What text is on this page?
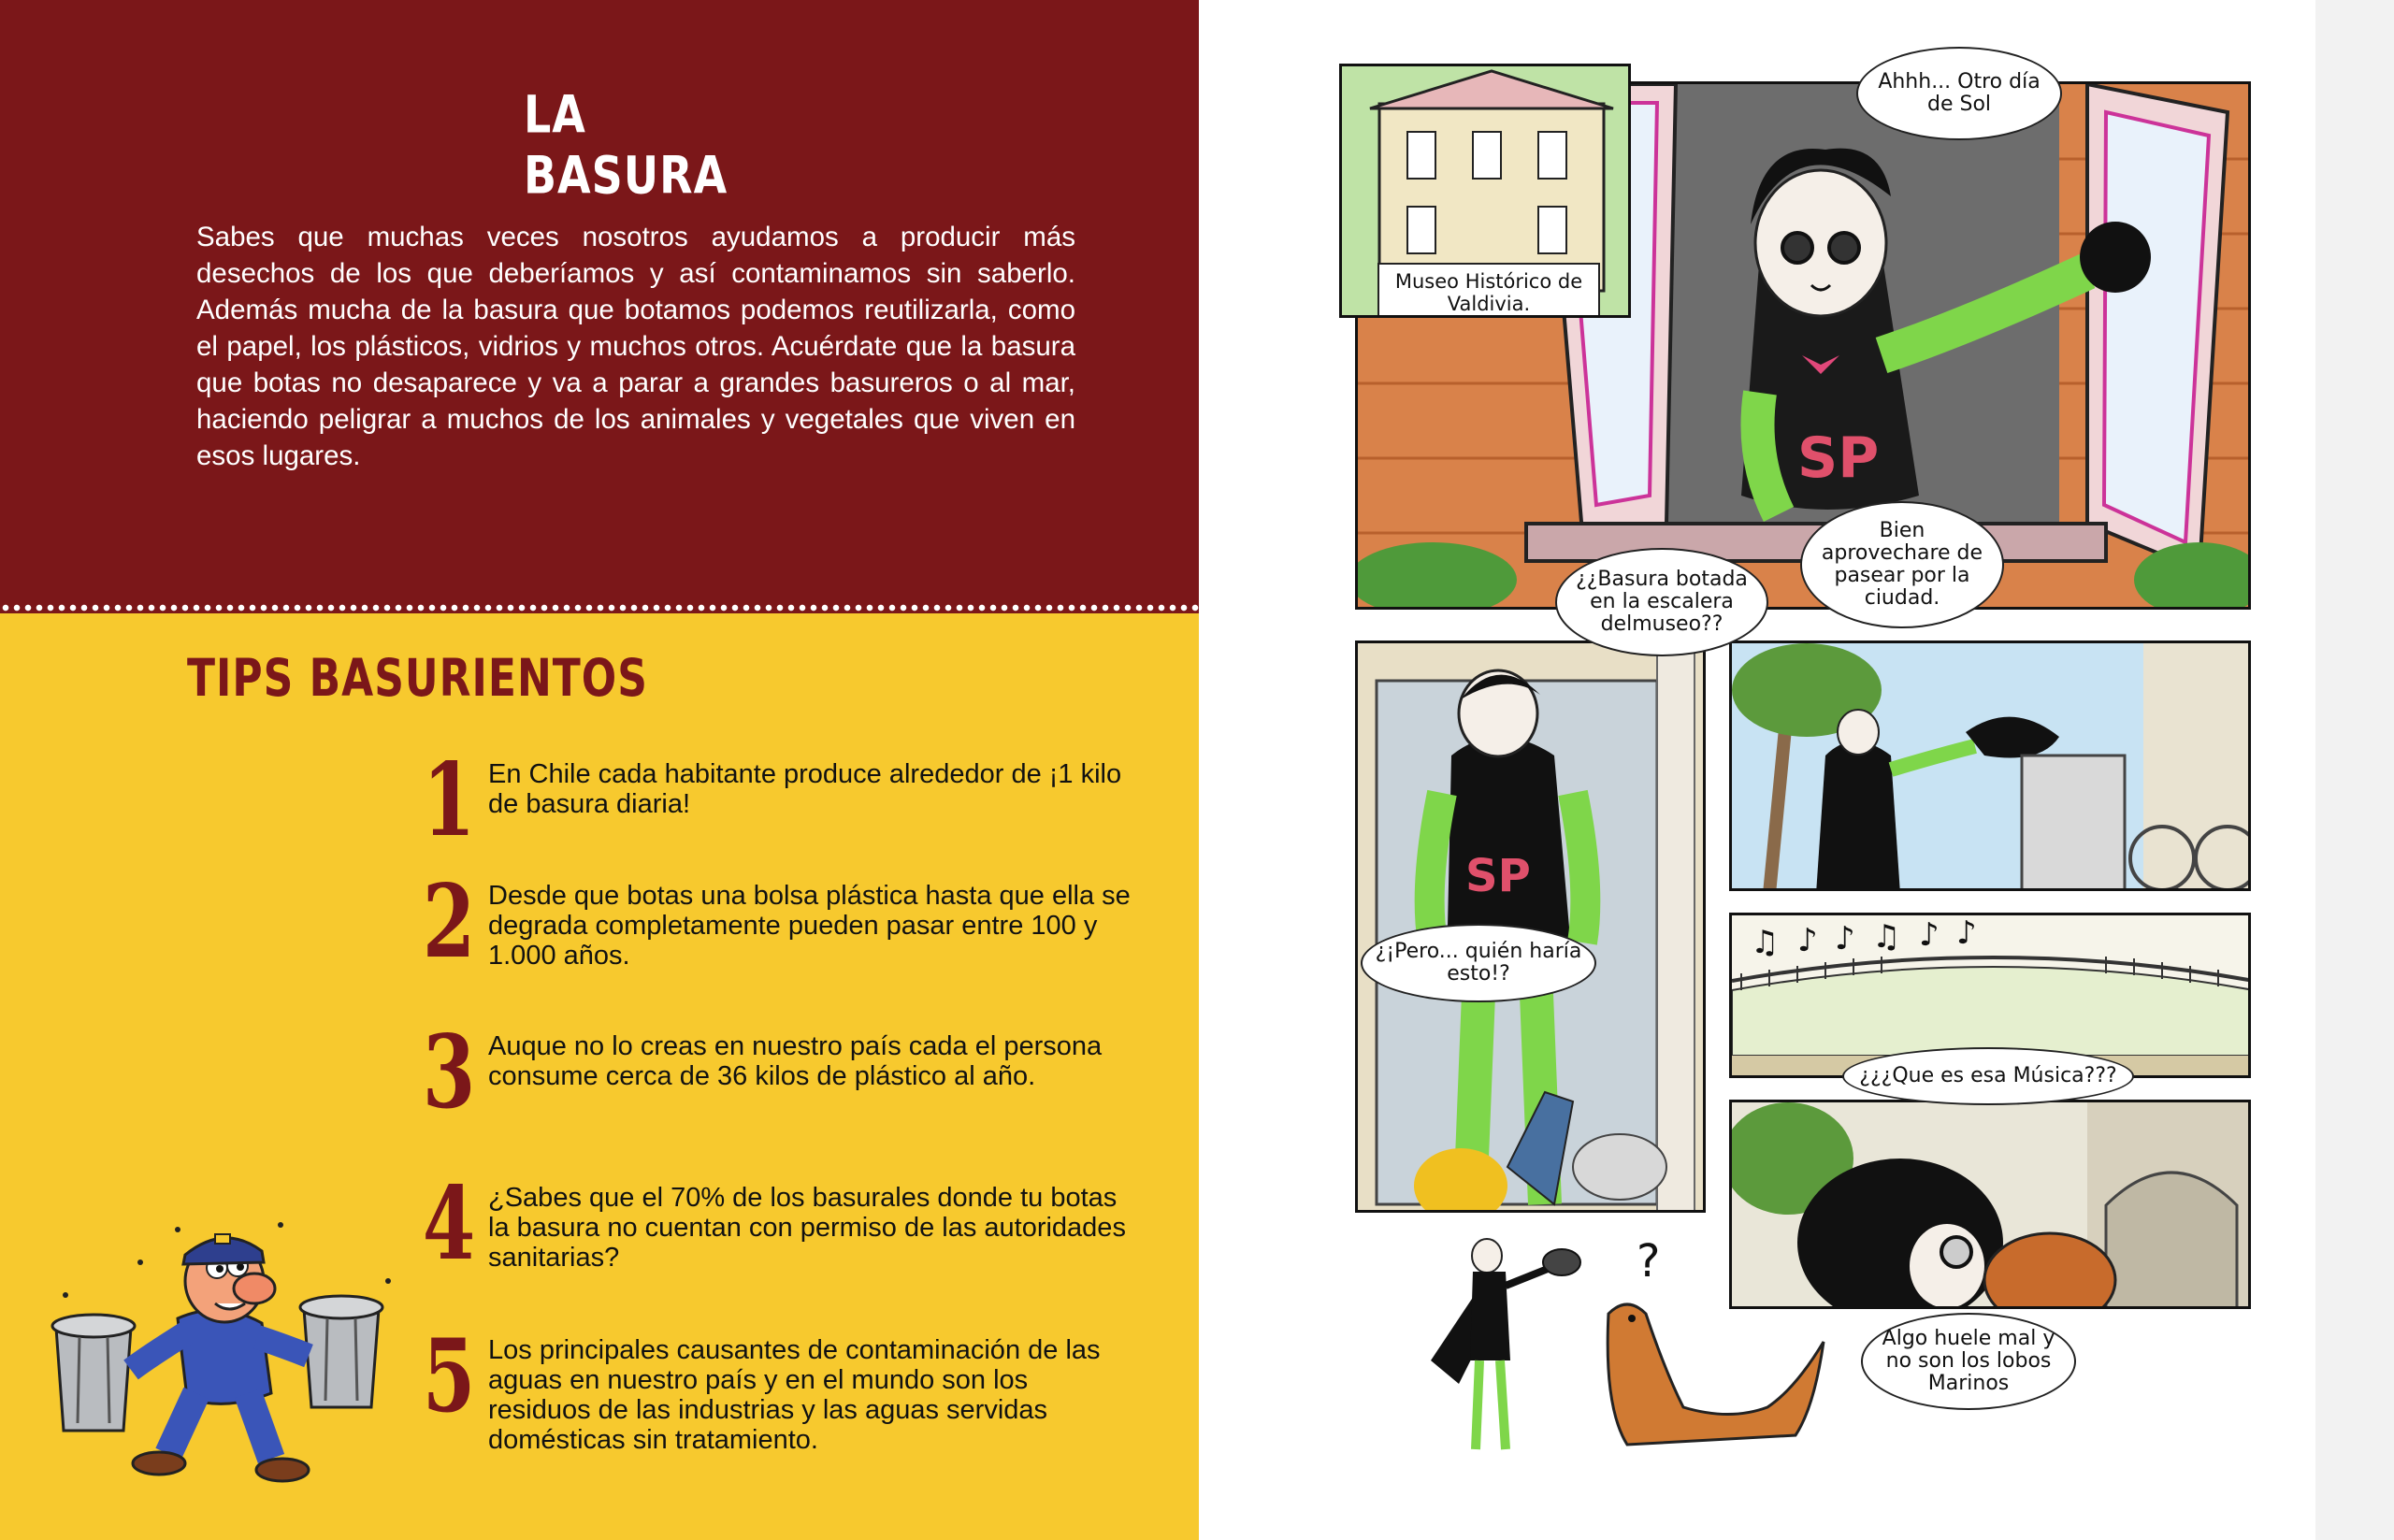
LA BASURA
Sabes que muchas veces nosotros ayudamos a producir más desechos de los que deberíamos y así contaminamos sin saberlo. Además mucha de la basura que botamos podemos reutilizarla, como el papel, los plásticos, vidrios y muchos otros. Acuérdate que la basura que botas no desaparece y va a parar a grandes basureros o al mar, haciendo peligrar a muchos de los animales y vegetales que viven en esos lugares.
TIPS BASURIENTOS
1 En Chile cada habitante produce alrededor de ¡1 kilo de basura diaria!
2 Desde que botas una bolsa plástica hasta que ella se degrada completamente pueden pasar entre 100 y 1.000 años.
3 Auque no lo creas en nuestro país cada el persona consume cerca de 36 kilos de plástico al año.
4 ¿Sabes que el 70% de los basurales donde tu botas la basura no cuentan con permiso de las autoridades sanitarias?
5 Los principales causantes de contaminación de las aguas en nuestro país y en el mundo son los residuos de las industrias y las aguas servidas domésticas sin tratamiento.
SP
Museo Histórico de Valdivia.
SP
♫ ♪ ♪ ♫ ♪ ♪
?
Ahhh... Otro día de Sol
Bien aprovechare de pasear por la ciudad.
¿¿Basura botada en la escalera delmuseo??
¿¡Pero... quién haría esto!?
¿¿¿Que es esa Música???
Algo huele mal y no son los lobos Marinos
